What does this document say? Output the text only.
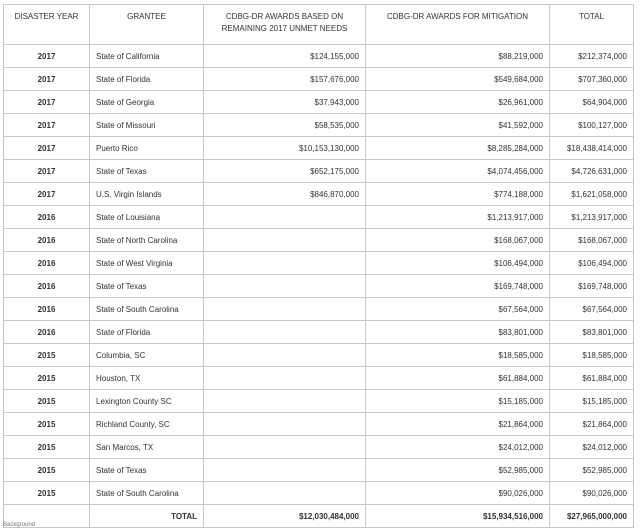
DISASTER YEAR	GRANTEE	CDBG-DR AWARDS BASED ON REMAINING 2017 UNMET NEEDS	CDBG-DR AWARDS FOR MITIGATION	TOTAL
2017	State of California	$124,155,000	$88,219,000	$212,374,000
2017	State of Florida	$157,676,000	$549,684,000	$707,360,000
2017	State of Georgia	$37,943,000	$26,961,000	$64,904,000
2017	State of Missouri	$58,535,000	$41,592,000	$100,127,000
2017	Puerto Rico	$10,153,130,000	$8,285,284,000	$18,438,414,000
2017	State of Texas	$652,175,000	$4,074,456,000	$4,726,631,000
2017	U.S. Virgin Islands	$846,870,000	$774,188,000	$1,621,058,000
2016	State of Louisiana		$1,213,917,000	$1,213,917,000
2016	State of North Carolina		$168,067,000	$168,067,000
2016	State of West Virginia		$106,494,000	$106,494,000
2016	State of Texas		$169,748,000	$169,748,000
2016	State of South Carolina		$67,564,000	$67,564,000
2016	State of Florida		$83,801,000	$83,801,000
2015	Columbia, SC		$18,585,000	$18,585,000
2015	Houston, TX		$61,884,000	$61,884,000
2015	Lexington County SC		$15,185,000	$15,185,000
2015	Richland County, SC		$21,864,000	$21,864,000
2015	San Marcos, TX		$24,012,000	$24,012,000
2015	State of Texas		$52,985,000	$52,985,000
2015	State of South Carolina		$90,026,000	$90,026,000
	TOTAL	$12,030,484,000	$15,934,516,000	$27,965,000,000
Background
